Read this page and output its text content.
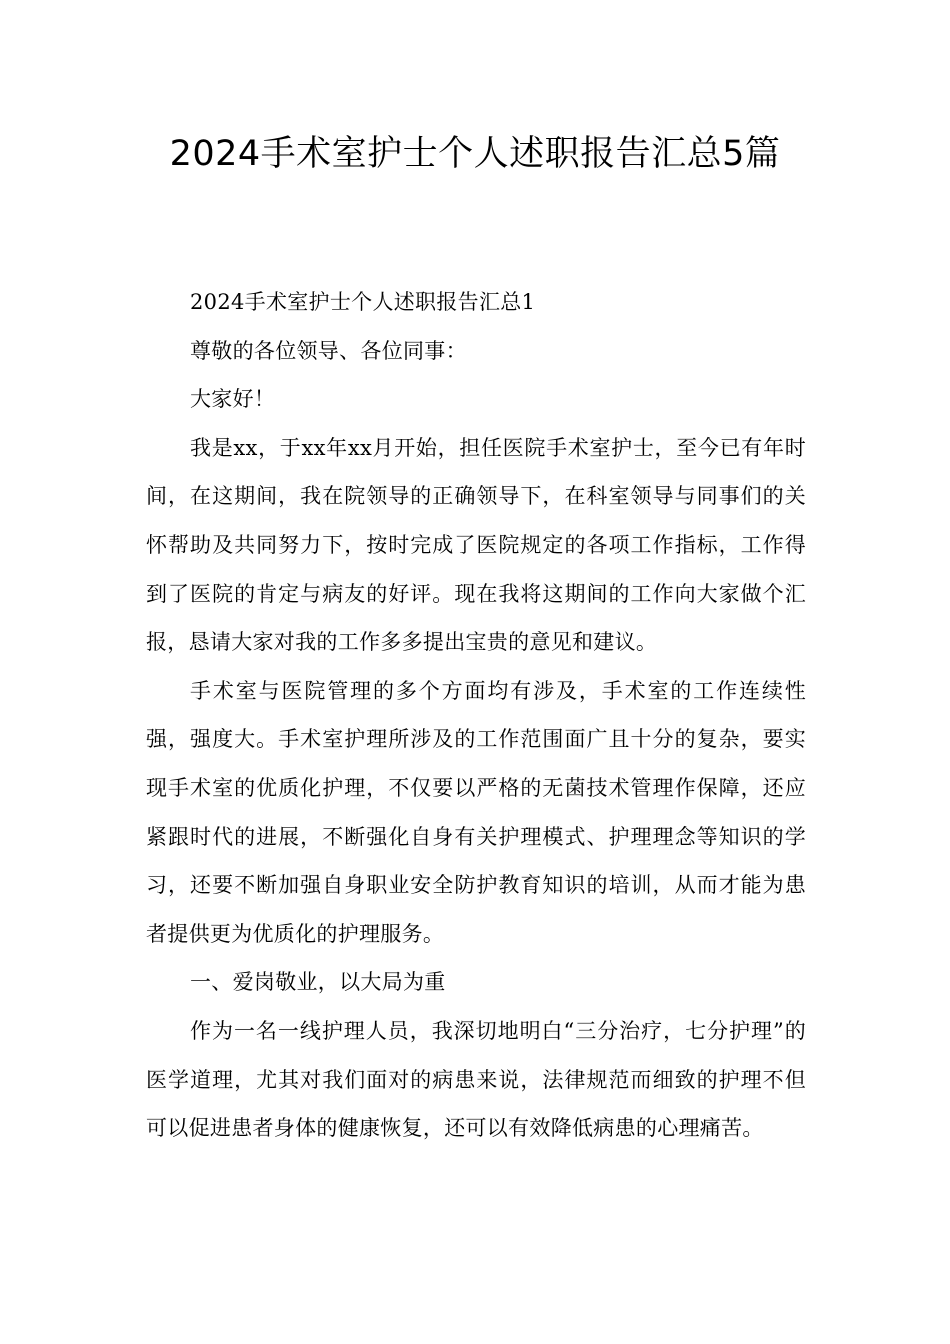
2024手术室护士个人述职报告汇总5篇

2024手术室护士个人述职报告汇总1

尊敬的各位领导、各位同事：

大家好！

我是xx，于xx年xx月开始，担任医院手术室护士，至今已有年时间，在这期间，我在院领导的正确领导下，在科室领导与同事们的关怀帮助及共同努力下，按时完成了医院规定的各项工作指标，工作得到了医院的肯定与病友的好评。现在我将这期间的工作向大家做个汇报，恳请大家对我的工作多多提出宝贵的意见和建议。

手术室与医院管理的多个方面均有涉及，手术室的工作连续性强，强度大。手术室护理所涉及的工作范围面广且十分的复杂，要实现手术室的优质化护理，不仅要以严格的无菌技术管理作保障，还应紧跟时代的进展，不断强化自身有关护理模式、护理理念等知识的学习，还要不断加强自身职业安全防护教育知识的培训，从而才能为患者提供更为优质化的护理服务。

一、爱岗敬业，以大局为重

作为一名一线护理人员，我深切地明白“三分治疗，七分护理”的医学道理，尤其对我们面对的病患来说，法律规范而细致的护理不但可以促进患者身体的健康恢复，还可以有效降低病患的心理痛苦。
